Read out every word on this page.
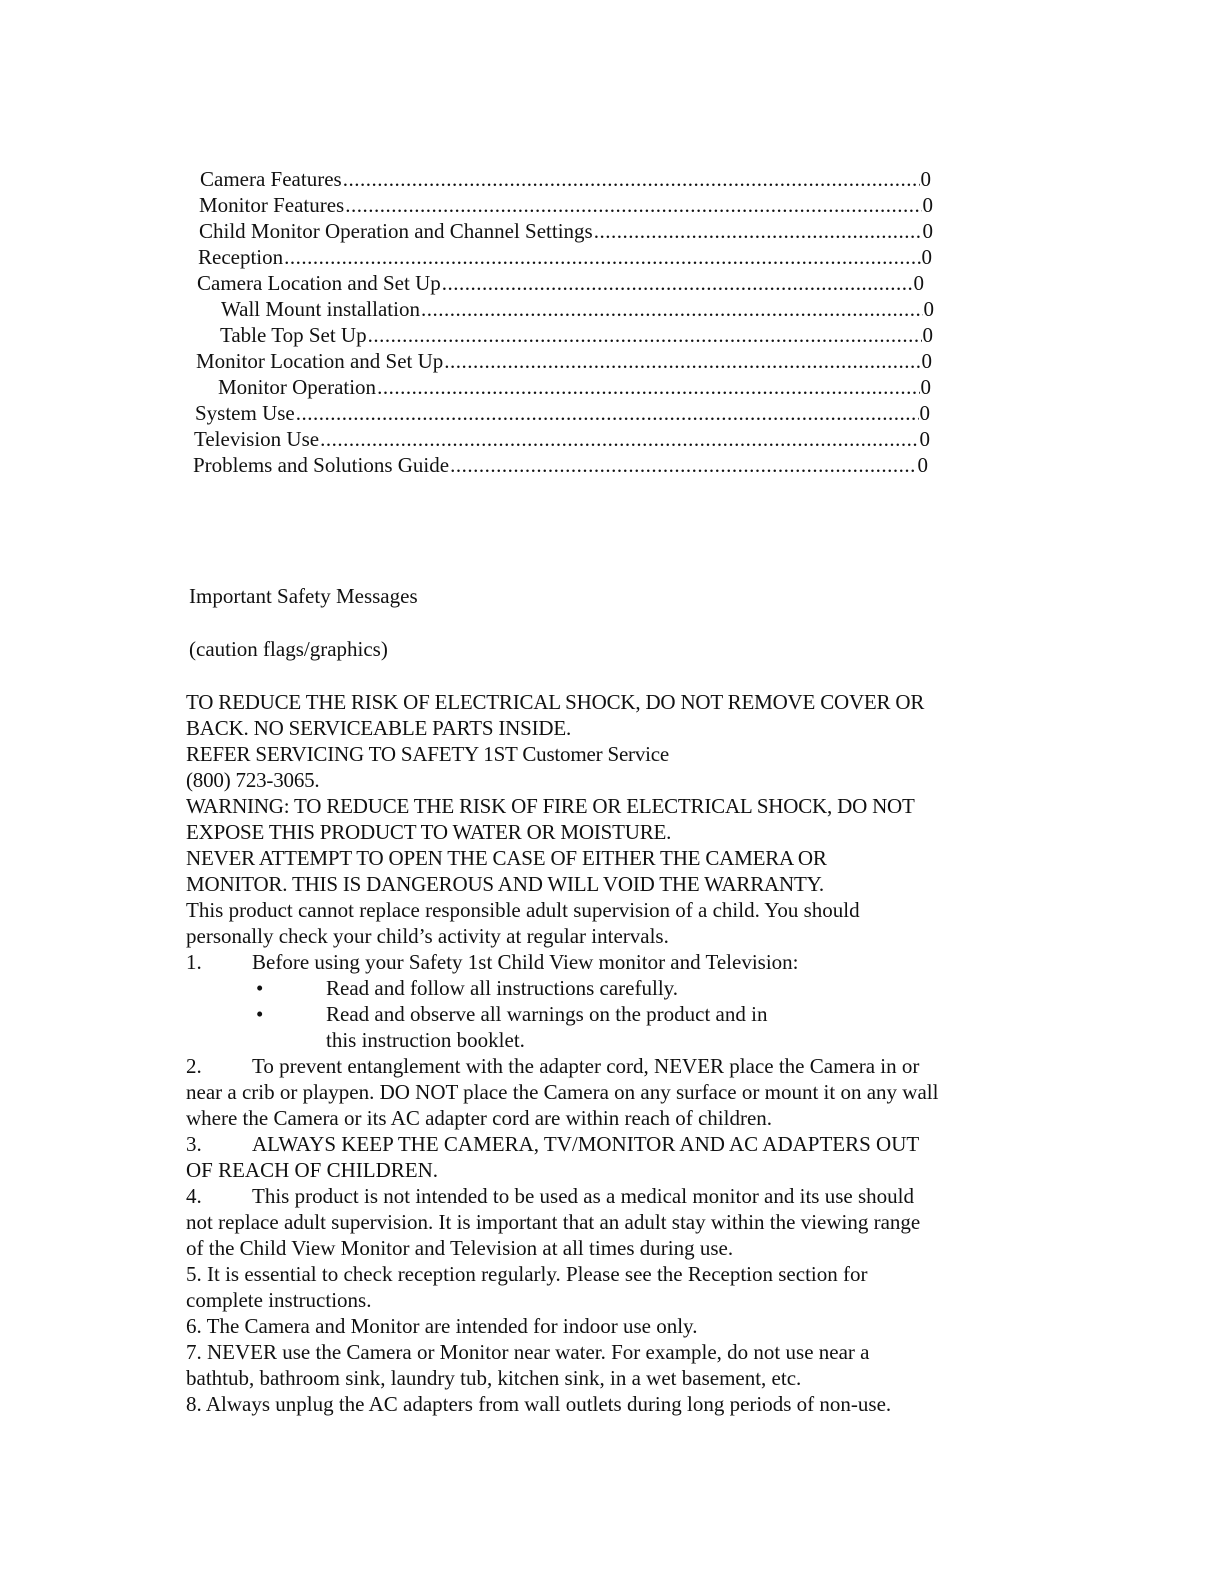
Camera Features .....	0
Monitor Features .....	0
Child Monitor Operation and Channel Settings .....	0
Reception .....	0
Camera Location and Set Up .....	0
Wall Mount installation .....	0
Table Top Set Up .....	0
Monitor Location and Set Up .....	0
Monitor Operation .....	0
System Use .....	0
Television Use .....	0
Problems and Solutions Guide .....	0
Important Safety Messages
(caution flags/graphics)
TO REDUCE THE RISK OF ELECTRICAL SHOCK, DO NOT REMOVE COVER OR
BACK. NO SERVICEABLE PARTS INSIDE.
REFER SERVICING TO SAFETY 1ST Customer Service
(800) 723-3065.
WARNING: TO REDUCE THE RISK OF FIRE OR ELECTRICAL SHOCK, DO NOT
EXPOSE THIS PRODUCT TO WATER OR MOISTURE.
NEVER ATTEMPT TO OPEN THE CASE OF EITHER THE CAMERA OR
MONITOR. THIS IS DANGEROUS AND WILL VOID THE WARRANTY.
This product cannot replace responsible adult supervision of a child. You should
personally check your child’s activity at regular intervals.
1. Before using your Safety 1st Child View monitor and Television:
•	Read and follow all instructions carefully.
•	Read and observe all warnings on the product and in
this instruction booklet.
2. To prevent entanglement with the adapter cord, NEVER place the Camera in or
near a crib or playpen. DO NOT place the Camera on any surface or mount it on any wall
where the Camera or its AC adapter cord are within reach of children.
3. ALWAYS KEEP THE CAMERA, TV/MONITOR AND AC ADAPTERS OUT
OF REACH OF CHILDREN.
4. This product is not intended to be used as a medical monitor and its use should
not replace adult supervision. It is important that an adult stay within the viewing range
of the Child View Monitor and Television at all times during use.
5. It is essential to check reception regularly. Please see the Reception section for
complete instructions.
6. The Camera and Monitor are intended for indoor use only.
7. NEVER use the Camera or Monitor near water. For example, do not use near a
bathtub, bathroom sink, laundry tub, kitchen sink, in a wet basement, etc.
8. Always unplug the AC adapters from wall outlets during long periods of non-use.
